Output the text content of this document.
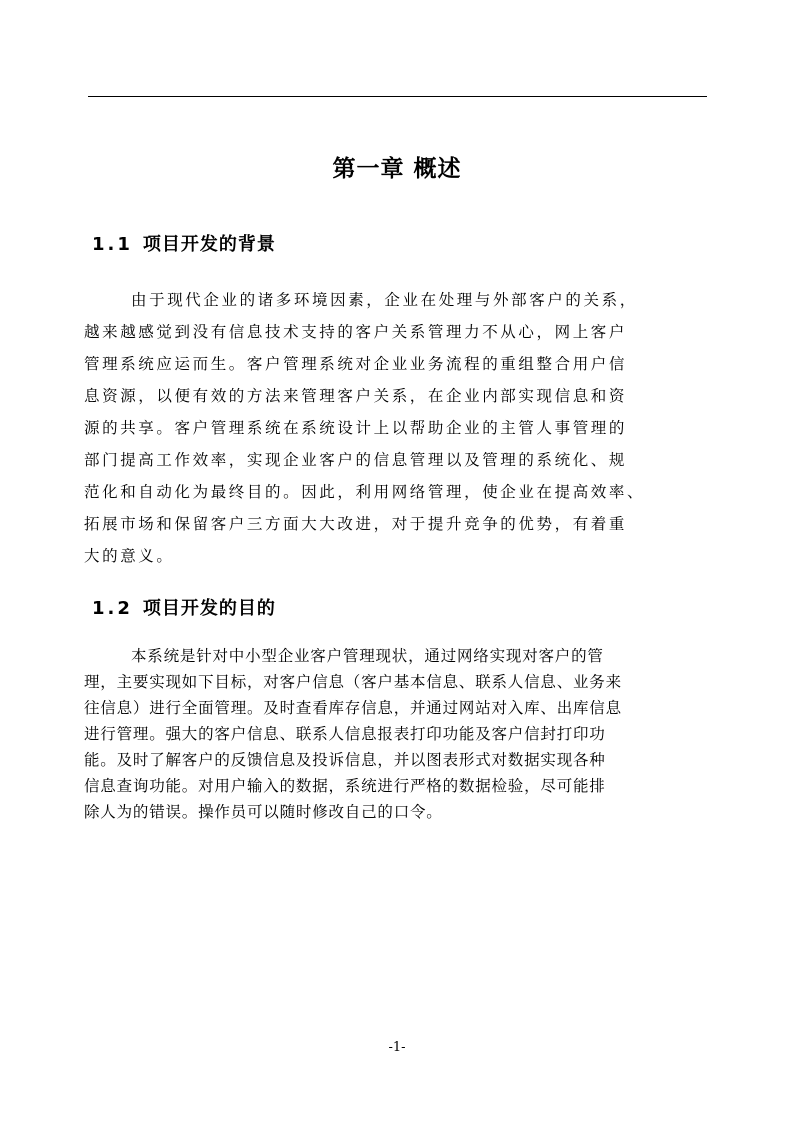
第一章 概述
1.1 项目开发的背景
由于现代企业的诸多环境因素，企业在处理与外部客户的关系，
越来越感觉到没有信息技术支持的客户关系管理力不从心，网上客户
管理系统应运而生。客户管理系统对企业业务流程的重组整合用户信
息资源，以便有效的方法来管理客户关系，在企业内部实现信息和资
源的共享。客户管理系统在系统设计上以帮助企业的主管人事管理的
部门提高工作效率，实现企业客户的信息管理以及管理的系统化、规
范化和自动化为最终目的。因此，利用网络管理，使企业在提高效率、
拓展市场和保留客户三方面大大改进，对于提升竞争的优势，有着重
大的意义。
1.2 项目开发的目的
本系统是针对中小型企业客户管理现状，通过网络实现对客户的管
理，主要实现如下目标，对客户信息（客户基本信息、联系人信息、业务来
往信息）进行全面管理。及时查看库存信息，并通过网站对入库、出库信息
进行管理。强大的客户信息、联系人信息报表打印功能及客户信封打印功
能。及时了解客户的反馈信息及投诉信息，并以图表形式对数据实现各种
信息查询功能。对用户输入的数据，系统进行严格的数据检验，尽可能排
除人为的错误。操作员可以随时修改自己的口令。
-1-
